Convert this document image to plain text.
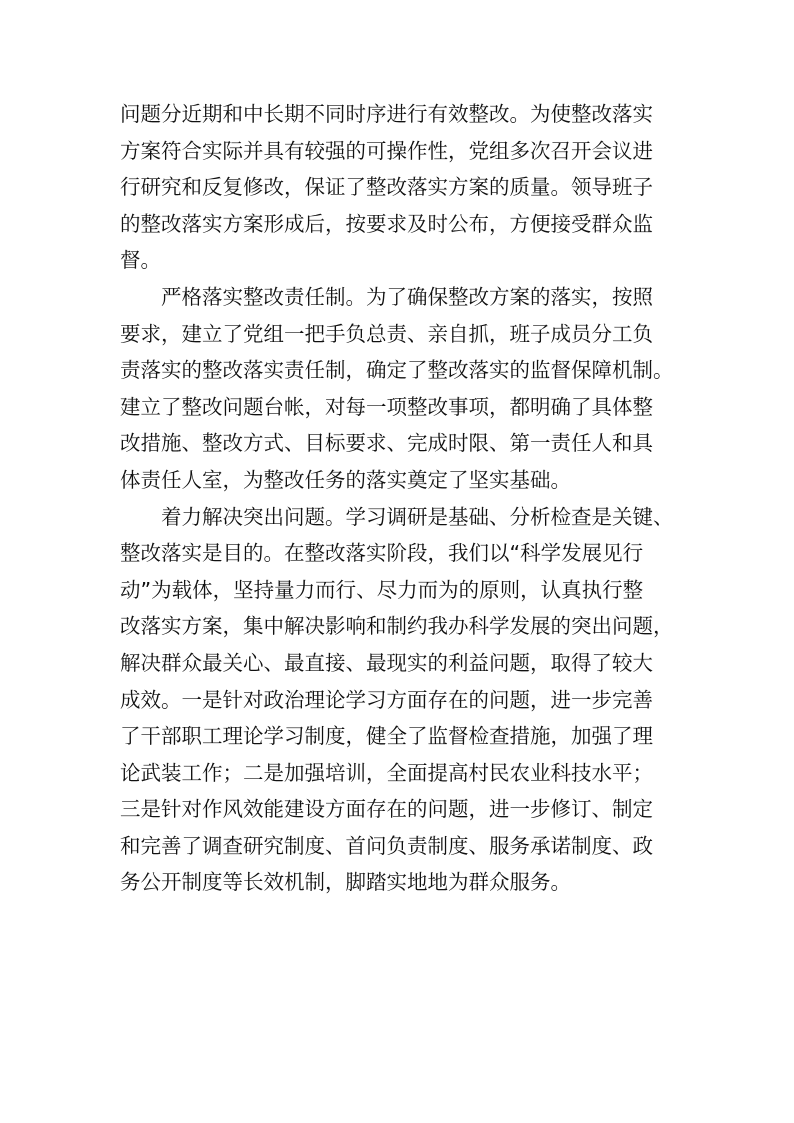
问题分近期和中长期不同时序进行有效整改。为使整改落实
方案符合实际并具有较强的可操作性，党组多次召开会议进
行研究和反复修改，保证了整改落实方案的质量。领导班子
的整改落实方案形成后，按要求及时公布，方便接受群众监
督。
严格落实整改责任制。为了确保整改方案的落实，按照
要求，建立了党组一把手负总责、亲自抓，班子成员分工负
责落实的整改落实责任制，确定了整改落实的监督保障机制。
建立了整改问题台帐，对每一项整改事项，都明确了具体整
改措施、整改方式、目标要求、完成时限、第一责任人和具
体责任人室，为整改任务的落实奠定了坚实基础。
着力解决突出问题。学习调研是基础、分析检查是关键、
整改落实是目的。在整改落实阶段，我们以“科学发展见行
动”为载体，坚持量力而行、尽力而为的原则，认真执行整
改落实方案，集中解决影响和制约我办科学发展的突出问题，
解决群众最关心、最直接、最现实的利益问题，取得了较大
成效。一是针对政治理论学习方面存在的问题，进一步完善
了干部职工理论学习制度，健全了监督检查措施，加强了理
论武装工作；二是加强培训，全面提高村民农业科技水平；
三是针对作风效能建设方面存在的问题，进一步修订、制定
和完善了调查研究制度、首问负责制度、服务承诺制度、政
务公开制度等长效机制，脚踏实地地为群众服务。
